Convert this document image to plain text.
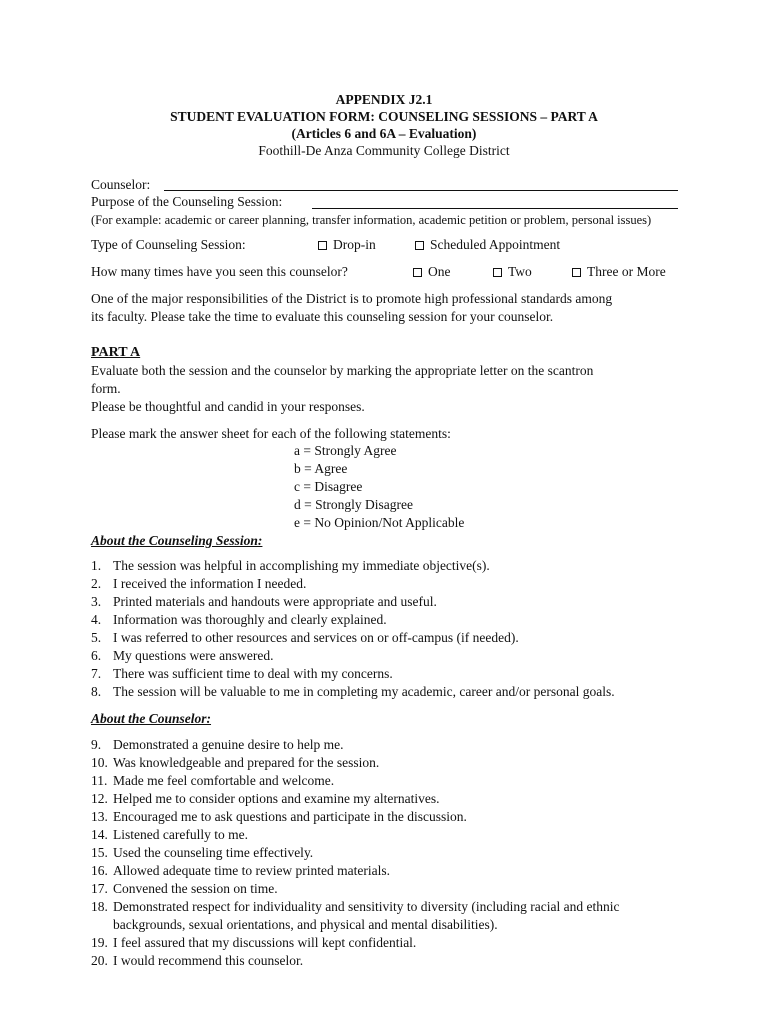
APPENDIX J2.1
STUDENT EVALUATION FORM: COUNSELING SESSIONS – PART A
(Articles 6 and 6A – Evaluation)
Foothill-De Anza Community College District
Counselor:
Purpose of the Counseling Session:
(For example: academic or career planning, transfer information, academic petition or problem, personal issues)
Type of Counseling Session:	Drop-in	Scheduled Appointment
How many times have you seen this counselor?	One	Two	Three or More
One of the major responsibilities of the District is to promote high professional standards among
its faculty. Please take the time to evaluate this counseling session for your counselor.
PART A
Evaluate both the session and the counselor by marking the appropriate letter on the scantron
form.
Please be thoughtful and candid in your responses.
Please mark the answer sheet for each of the following statements:
a = Strongly Agree
b = Agree
c = Disagree
d = Strongly Disagree
e = No Opinion/Not Applicable
About the Counseling Session:
1. The session was helpful in accomplishing my immediate objective(s).
2. I received the information I needed.
3. Printed materials and handouts were appropriate and useful.
4. Information was thoroughly and clearly explained.
5. I was referred to other resources and services on or off-campus (if needed).
6. My questions were answered.
7. There was sufficient time to deal with my concerns.
8. The session will be valuable to me in completing my academic, career and/or personal goals.
About the Counselor:
9. Demonstrated a genuine desire to help me.
10. Was knowledgeable and prepared for the session.
11. Made me feel comfortable and welcome.
12. Helped me to consider options and examine my alternatives.
13. Encouraged me to ask questions and participate in the discussion.
14. Listened carefully to me.
15. Used the counseling time effectively.
16. Allowed adequate time to review printed materials.
17. Convened the session on time.
18. Demonstrated respect for individuality and sensitivity to diversity (including racial and ethnic backgrounds, sexual orientations, and physical and mental disabilities).
19. I feel assured that my discussions will kept confidential.
20. I would recommend this counselor.
